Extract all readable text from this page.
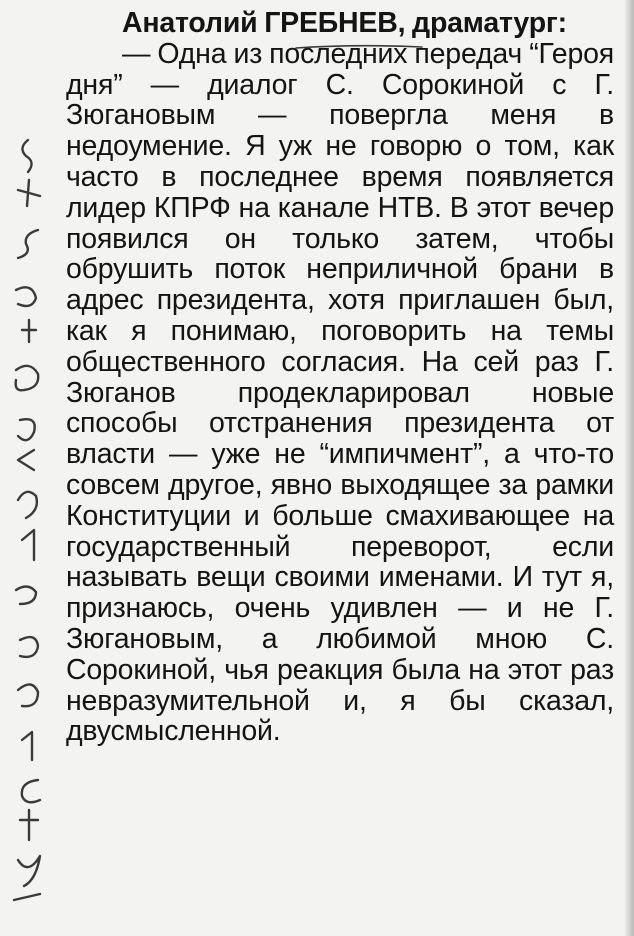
Анатолий ГРЕБНЕВ, драматург:
— Одна из последних передач “Героя дня” — диалог С. Сорокиной с Г. Зюгановым — повергла меня в недоумение. Я уж не говорю о том, как часто в последнее время появляется лидер КПРФ на канале НТВ. В этот вечер появился он только затем, чтобы обрушить поток неприличной брани в адрес президента, хотя приглашен был, как я понимаю, поговорить на темы общественного согласия. На сей раз Г. Зюганов продекларировал новые способы отстранения президента от власти — уже не “импичмент”, а что-то совсем другое, явно выходящее за рамки Конституции и больше смахивающее на государственный переворот, если называть вещи своими именами. И тут я, признаюсь, очень удивлен — и не Г. Зюгановым, а любимой мною С. Сорокиной, чья реакция была на этот раз невразумительной и, я бы сказал, двусмысленной.
